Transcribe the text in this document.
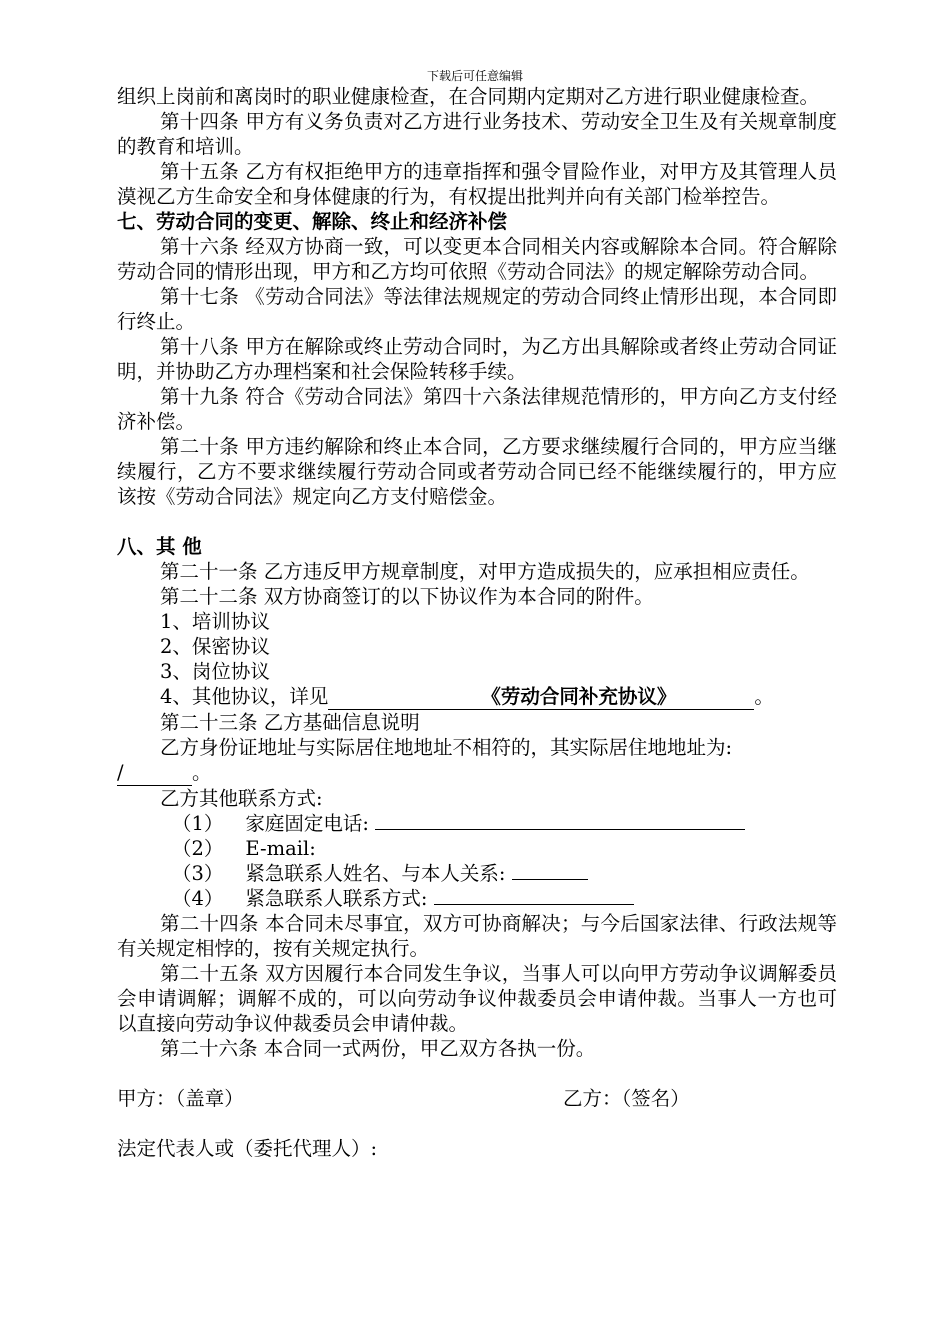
下载后可任意编辑

组织上岗前和离岗时的职业健康检查，在合同期内定期对乙方进行职业健康检查。

第十四条 甲方有义务负责对乙方进行业务技术、劳动安全卫生及有关规章制度的教育和培训。

第十五条 乙方有权拒绝甲方的违章指挥和强令冒险作业，对甲方及其管理人员漠视乙方生命安全和身体健康的行为，有权提出批判并向有关部门检举控告。

七、劳动合同的变更、解除、终止和经济补偿

第十六条 经双方协商一致，可以变更本合同相关内容或解除本合同。符合解除劳动合同的情形出现，甲方和乙方均可依照《劳动合同法》的规定解除劳动合同。

第十七条 《劳动合同法》等法律法规规定的劳动合同终止情形出现，本合同即行终止。

第十八条 甲方在解除或终止劳动合同时，为乙方出具解除或者终止劳动合同证明，并协助乙方办理档案和社会保险转移手续。

第十九条 符合《劳动合同法》第四十六条法律规范情形的，甲方向乙方支付经济补偿。

第二十条 甲方违约解除和终止本合同，乙方要求继续履行合同的，甲方应当继续履行，乙方不要求继续履行劳动合同或者劳动合同已经不能继续履行的，甲方应该按《劳动合同法》规定向乙方支付赔偿金。

八、其 他

第二十一条 乙方违反甲方规章制度，对甲方造成损失的，应承担相应责任。

第二十二条 双方协商签订的以下协议作为本合同的附件。

1、培训协议

2、保密协议

3、岗位协议

4、其他协议，详见	《劳动合同补充协议》	。

第二十三条 乙方基础信息说明

乙方身份证地址与实际居住地地址不相符的，其实际居住地地址为:

/	。

乙方其他联系方式:

（1） 家庭固定电话:

（2） E-mail:

（3） 紧急联系人姓名、与本人关系:

（4） 紧急联系人联系方式:

第二十四条 本合同未尽事宜，双方可协商解决；与今后国家法律、行政法规等有关规定相悖的，按有关规定执行。

第二十五条 双方因履行本合同发生争议，当事人可以向甲方劳动争议调解委员会申请调解；调解不成的，可以向劳动争议仲裁委员会申请仲裁。当事人一方也可以直接向劳动争议仲裁委员会申请仲裁。

第二十六条 本合同一式两份，甲乙双方各执一份。

甲方：（盖章）	乙方：（签名）

法定代表人或（委托代理人）:
